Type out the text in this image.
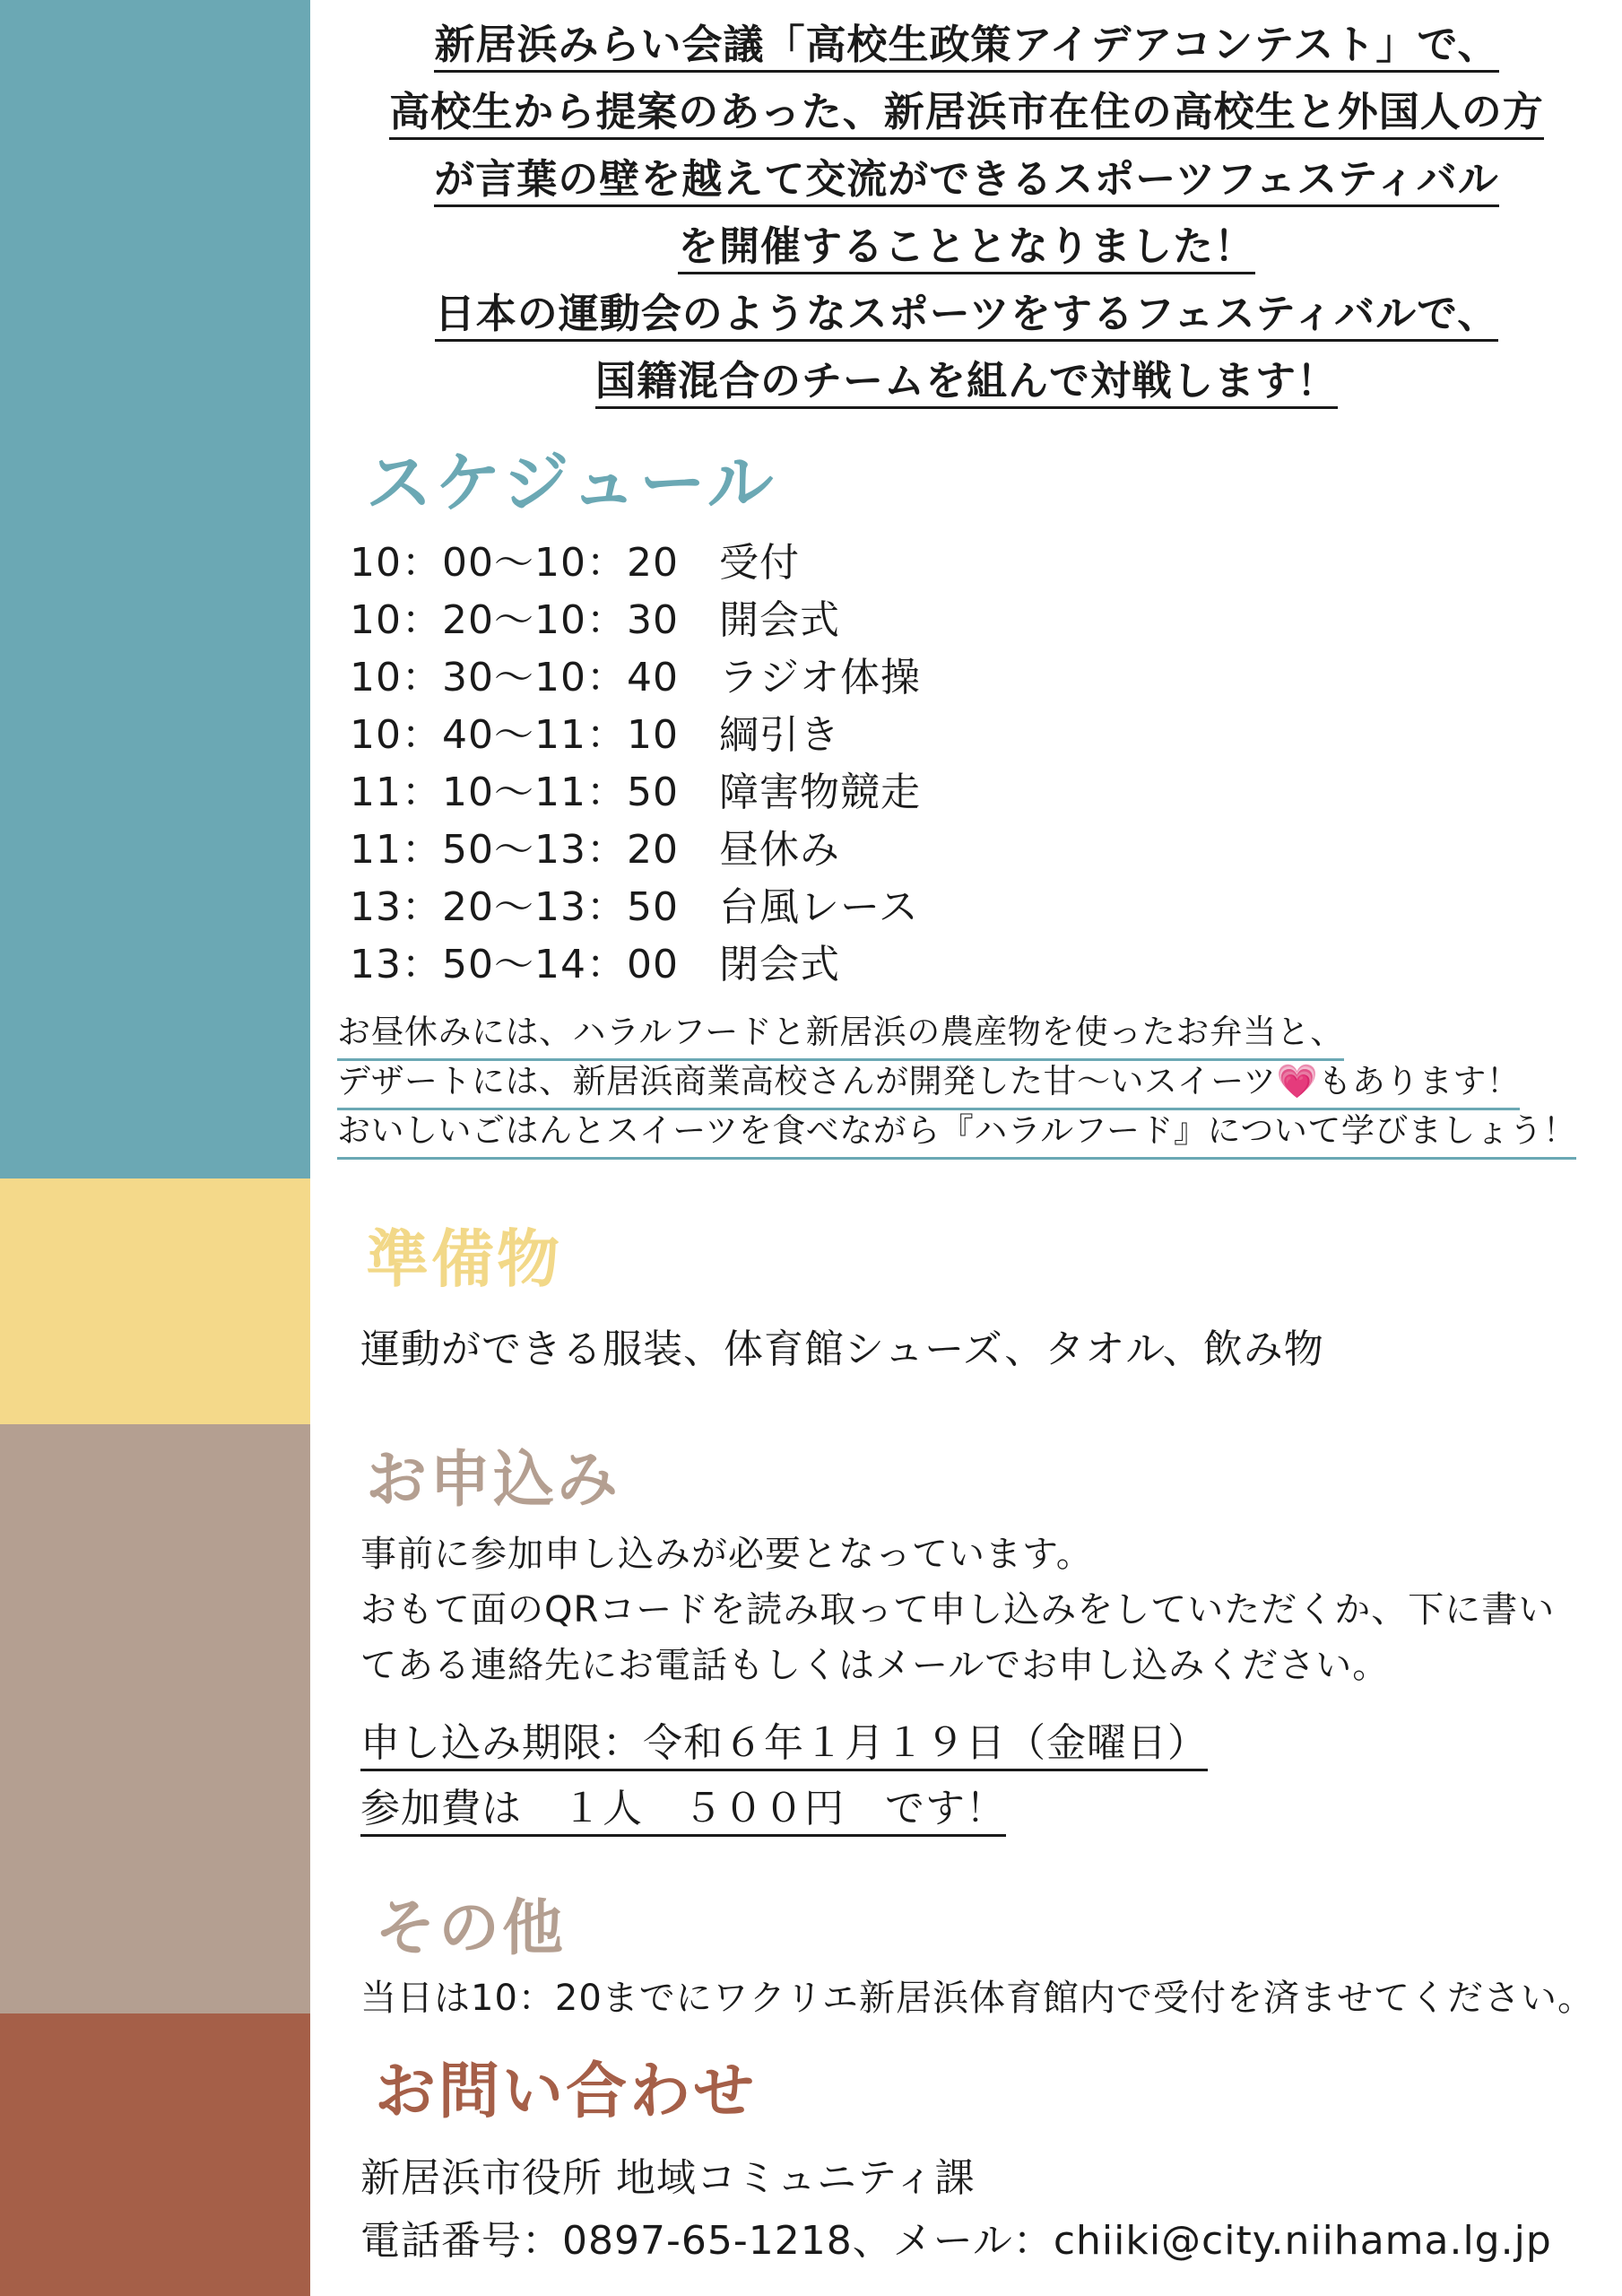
新居浜みらい会議「高校生政策アイデアコンテスト」で、
高校生から提案のあった、新居浜市在住の高校生と外国人の方
が言葉の壁を越えて交流ができるスポーツフェスティバル
を開催することとなりました！
日本の運動会のようなスポーツをするフェスティバルで、
国籍混合のチームを組んで対戦します！
スケジュール
10：00〜10：20	受付
10：20〜10：30	開会式
10：30〜10：40	ラジオ体操
10：40〜11：10	綱引き
11：10〜11：50	障害物競走
11：50〜13：20	昼休み
13：20〜13：50	台風レース
13：50〜14：00	閉会式
お昼休みには、ハラルフードと新居浜の農産物を使ったお弁当と、
デザートには、新居浜商業高校さんが開発した甘〜いスイーツ💗もあります！
おいしいごはんとスイーツを食べながら『ハラルフード』について学びましょう！
準備物
運動ができる服装、体育館シューズ、タオル、飲み物
お申込み
事前に参加申し込みが必要となっています。
おもて面のQRコードを読み取って申し込みをしていただくか、下に書い
てある連絡先にお電話もしくはメールでお申し込みください。
申し込み期限：令和６年１月１９日（金曜日）
参加費は　１人　５００円　です！
その他
当日は10：20までにワクリエ新居浜体育館内で受付を済ませてください。
お問い合わせ
新居浜市役所 地域コミュニティ課
電話番号：0897-65-1218、メール：chiiki@city.niihama.lg.jp
